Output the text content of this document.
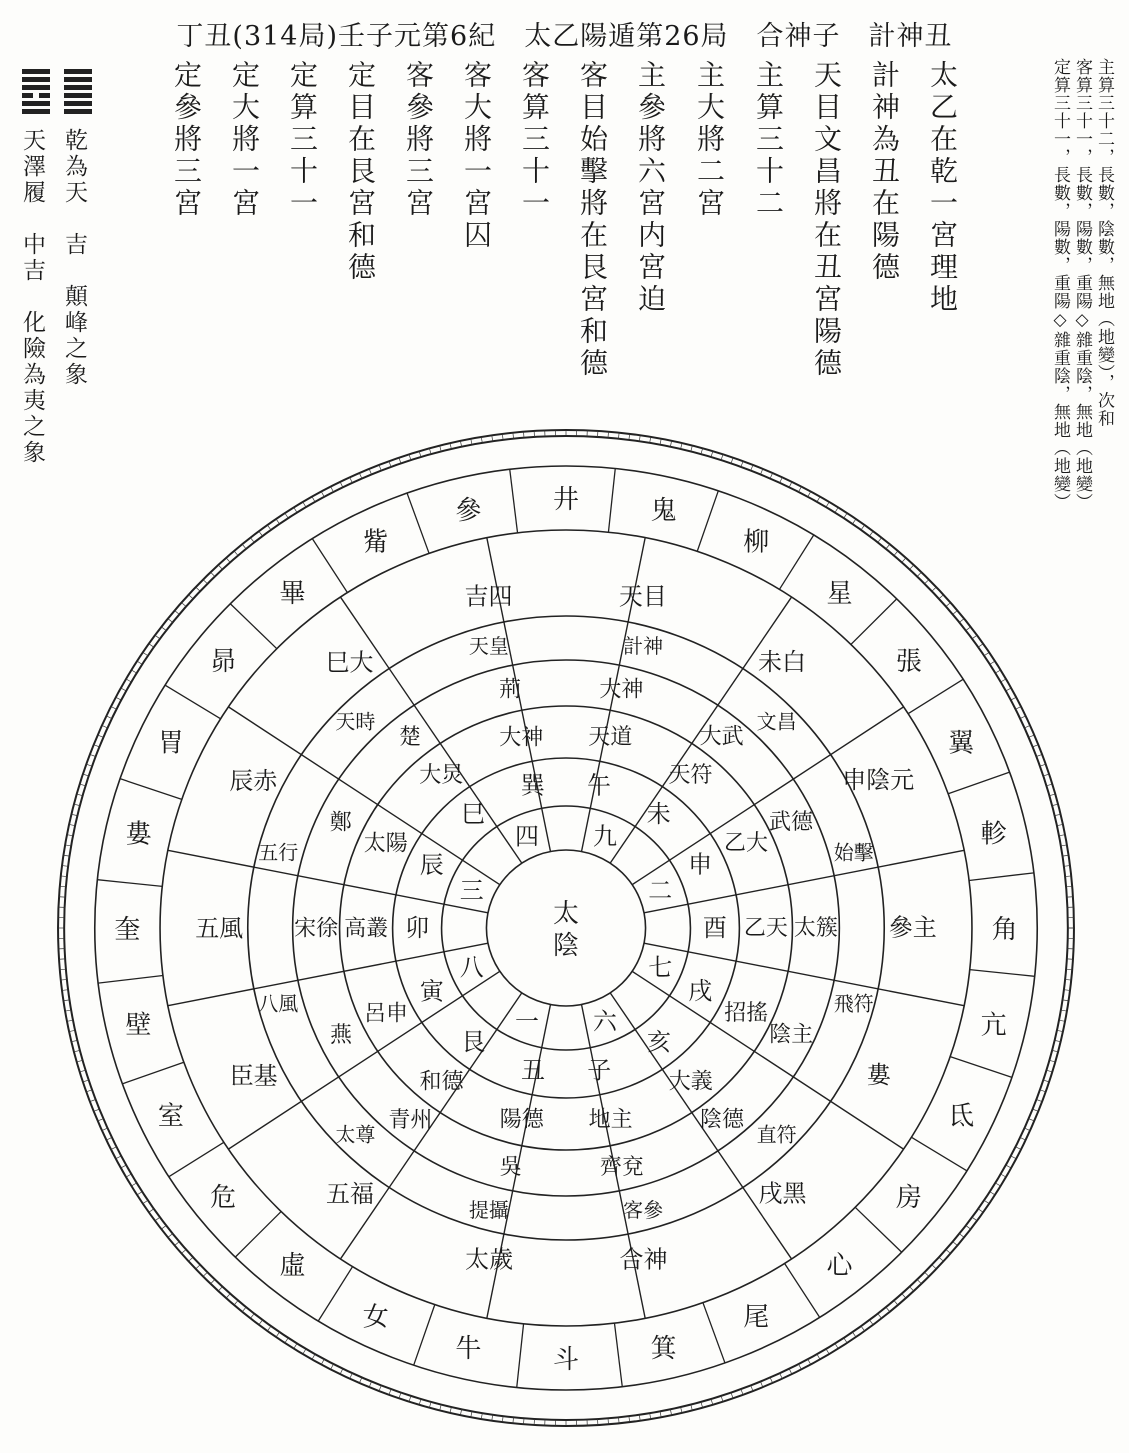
丁丑(314局)壬子元第6紀　太乙陽遁第26局　合神子　計神丑
太乙在乾一宮理地
計神為丑在陽德
天目文昌將在丑宮陽德
主算三十二
主大將二宮
主參將六宮内宮迫
客目始擊將在艮宮和德
客算三十一
客大將一宮囚
客參將三宮
定目在艮宮和德
定算三十一
定大將一宮
定參將三宮	主算三十二，長數，陰數，無地（地變），次和
客算三十一，長數，陽數，重陽◇雜重陰，無地（地變）
定算三十一，長數，陽數，重陽◇雜重陰，無地（地變）
乾為天　吉　顛峰之象
天澤履　中吉　化險為夷之象
井	鬼
柳
星
張
翼
軫
角
亢
氐
房
心
尾
箕
斗
牛
女
虛
危
室
壁
奎
婁
胃
昴
畢
觜
參
太
陰
九
二
七
六
一
八
三
四
午
天道
大神
天目
未
天符
大武
未白
申
乙大
武德
申陰元
酉 乙天 太簇 參主
戌
招搖
陰主
婁
亥
大義
陰德
戌黑
子
地主
齊兗
合神
丑
陽德
吳
太歲
艮
和德
青州
五福
寅
呂申
燕
臣基
卯
高叢
宋徐
五風
辰
太陽
鄭
辰赤
巳
大炅
楚
巳大
巽
大神
荊
吉四
提攝
太尊
八風
五行
天時
天皇	計神
文昌
始擊
飛符
直符
客參
